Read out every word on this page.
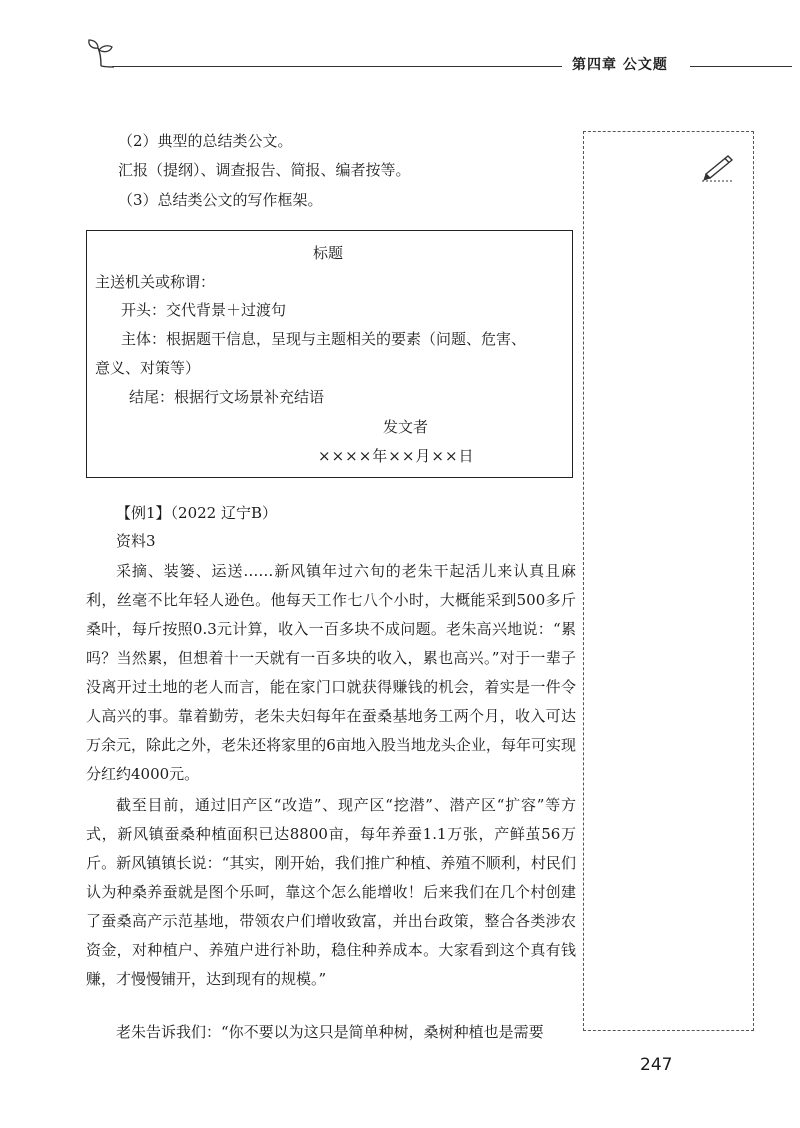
第四章 公文题
（2）典型的总结类公文。
汇报（提纲）、调查报告、简报、编者按等。
（3）总结类公文的写作框架。
标题
主送机关或称谓：
开头：交代背景＋过渡句
主体：根据题干信息，呈现与主题相关的要素（问题、危害、
意义、对策等）
结尾：根据行文场景补充结语
发文者
××××年××月××日
【例1】（2022 辽宁B）
资料3
采摘、装篓、运送……新风镇年过六旬的老朱干起活儿来认真且麻利，丝毫不比年轻人逊色。他每天工作七八个小时，大概能采到500多斤桑叶，每斤按照0.3元计算，收入一百多块不成问题。老朱高兴地说：“累吗？当然累，但想着十一天就有一百多块的收入，累也高兴。”对于一辈子没离开过土地的老人而言，能在家门口就获得赚钱的机会，着实是一件令人高兴的事。靠着勤劳，老朱夫妇每年在蚕桑基地务工两个月，收入可达万余元，除此之外，老朱还将家里的6亩地入股当地龙头企业，每年可实现分红约4000元。
截至目前，通过旧产区“改造”、现产区“挖潜”、潜产区“扩容”等方式，新风镇蚕桑种植面积已达8800亩，每年养蚕1.1万张，产鲜茧56万斤。新风镇镇长说：“其实，刚开始，我们推广种植、养殖不顺利，村民们认为种桑养蚕就是图个乐呵，靠这个怎么能增收！后来我们在几个村创建了蚕桑高产示范基地，带领农户们增收致富，并出台政策，整合各类涉农资金，对种植户、养殖户进行补助，稳住种养成本。大家看到这个真有钱赚，才慢慢铺开，达到现有的规模。”
老朱告诉我们：“你不要以为这只是简单种树，桑树种植也是需要
247
